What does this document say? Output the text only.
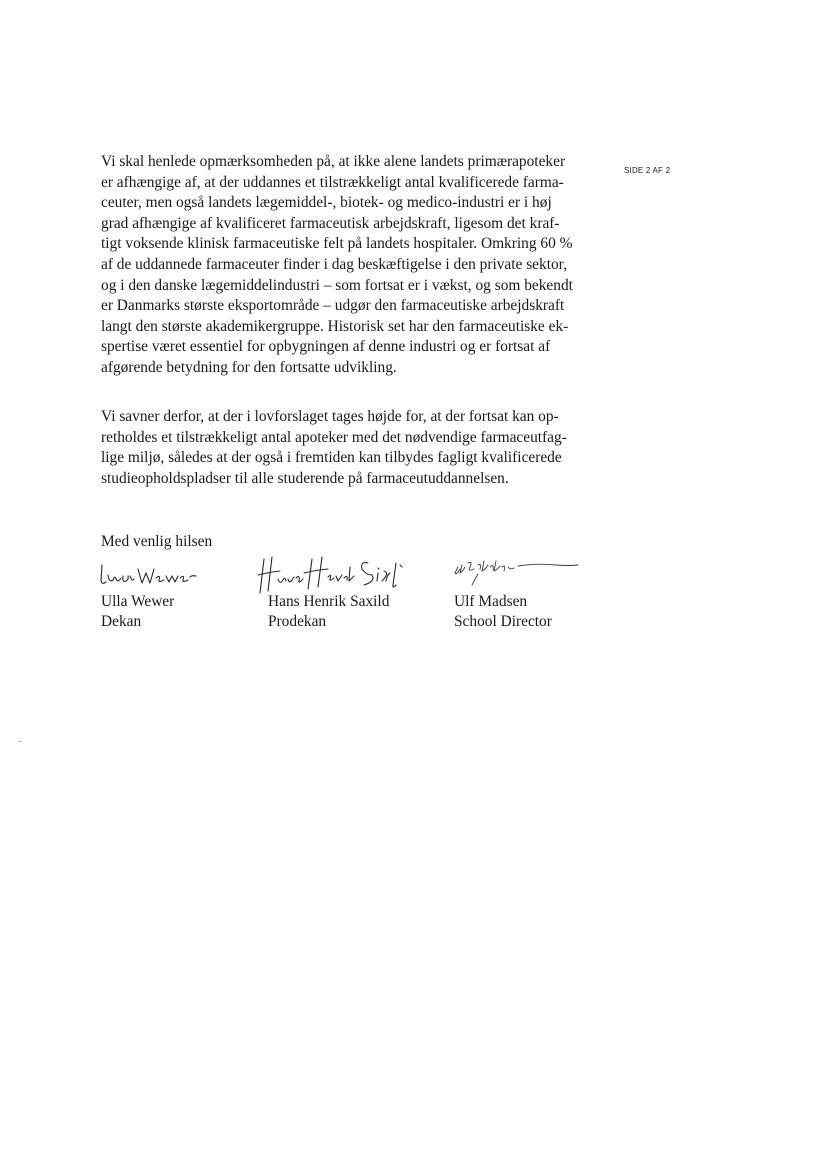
SIDE 2 AF 2
Vi skal henlede opmærksomheden på, at ikke alene landets primærapoteker
er afhængige af, at der uddannes et tilstrækkeligt antal kvalificerede farma-
ceuter, men også landets lægemiddel-, biotek- og medico-industri er i høj
grad afhængige af kvalificeret farmaceutisk arbejdskraft, ligesom det kraf-
tigt voksende klinisk farmaceutiske felt på landets hospitaler. Omkring 60 %
af de uddannede farmaceuter finder i dag beskæftigelse i den private sektor,
og i den danske lægemiddelindustri – som fortsat er i vækst, og som bekendt
er Danmarks største eksportområde – udgør den farmaceutiske arbejdskraft
langt den største akademikergruppe. Historisk set har den farmaceutiske ek-
spertise været essentiel for opbygningen af denne industri og er fortsat af
afgørende betydning for den fortsatte udvikling.
Vi savner derfor, at der i lovforslaget tages højde for, at der fortsat kan op-
retholdes et tilstrækkeligt antal apoteker med det nødvendige farmaceutfag-
lige miljø, således at der også i fremtiden kan tilbydes fagligt kvalificerede
studieopholdspladser til alle studerende på farmaceutuddannelsen.
Med venlig hilsen
Ulla Wewer
Dekan
Hans Henrik Saxild
Prodekan
Ulf Madsen
School Director
